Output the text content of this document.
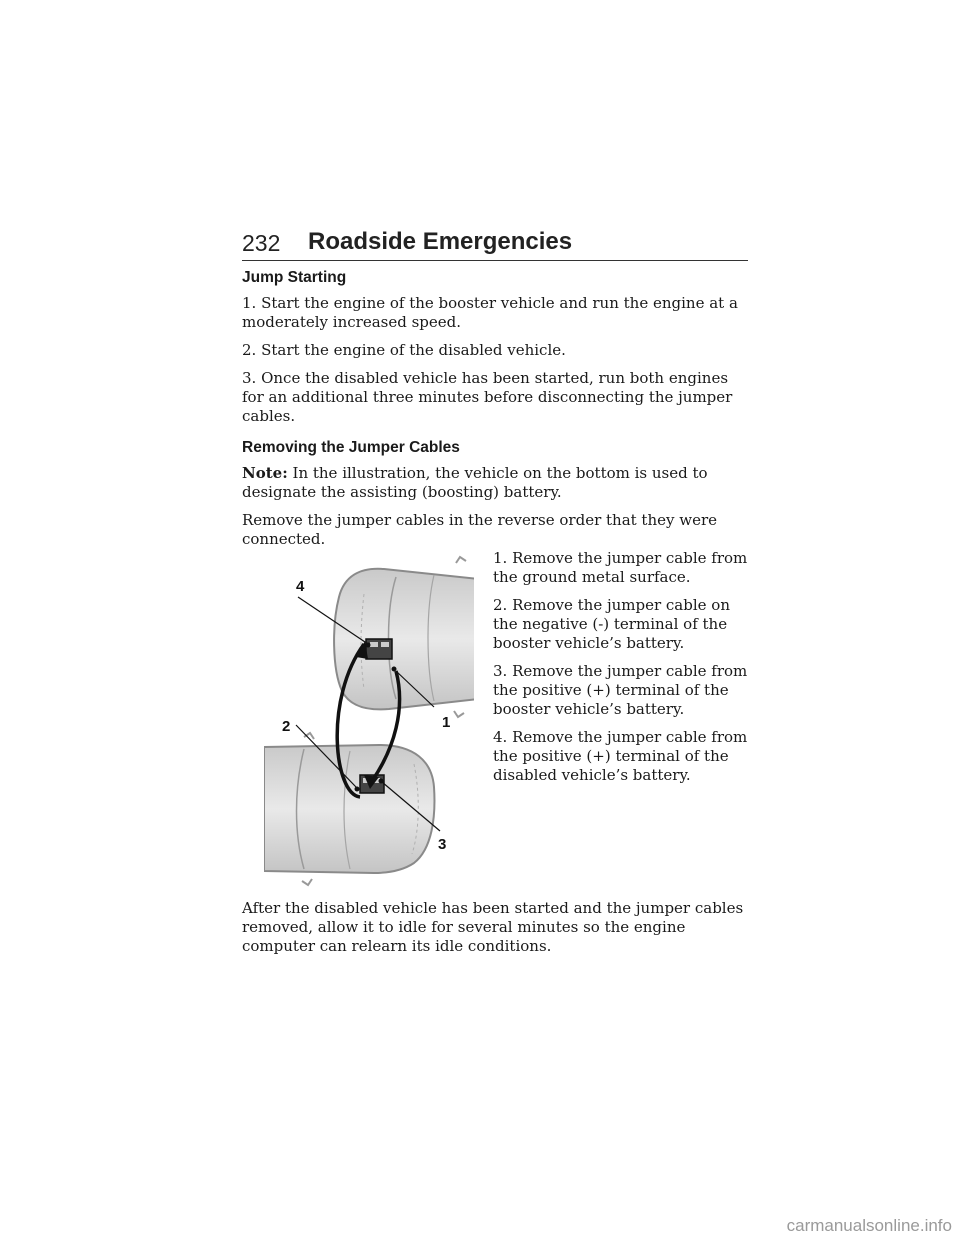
232 Roadside Emergencies
Jump Starting
1. Start the engine of the booster vehicle and run the engine at a moderately increased speed.
2. Start the engine of the disabled vehicle.
3. Once the disabled vehicle has been started, run both engines for an additional three minutes before disconnecting the jumper cables.
Removing the Jumper Cables
Note: In the illustration, the vehicle on the bottom is used to designate the assisting (boosting) battery.
Remove the jumper cables in the reverse order that they were connected.
4
1
2
3
1. Remove the jumper cable from the ground metal surface.
2. Remove the jumper cable on the negative (-) terminal of the booster vehicle’s battery.
3. Remove the jumper cable from the positive (+) terminal of the booster vehicle’s battery.
4. Remove the jumper cable from the positive (+) terminal of the disabled vehicle’s battery.
After the disabled vehicle has been started and the jumper cables removed, allow it to idle for several minutes so the engine computer can relearn its idle conditions.
carmanualsonline.info
